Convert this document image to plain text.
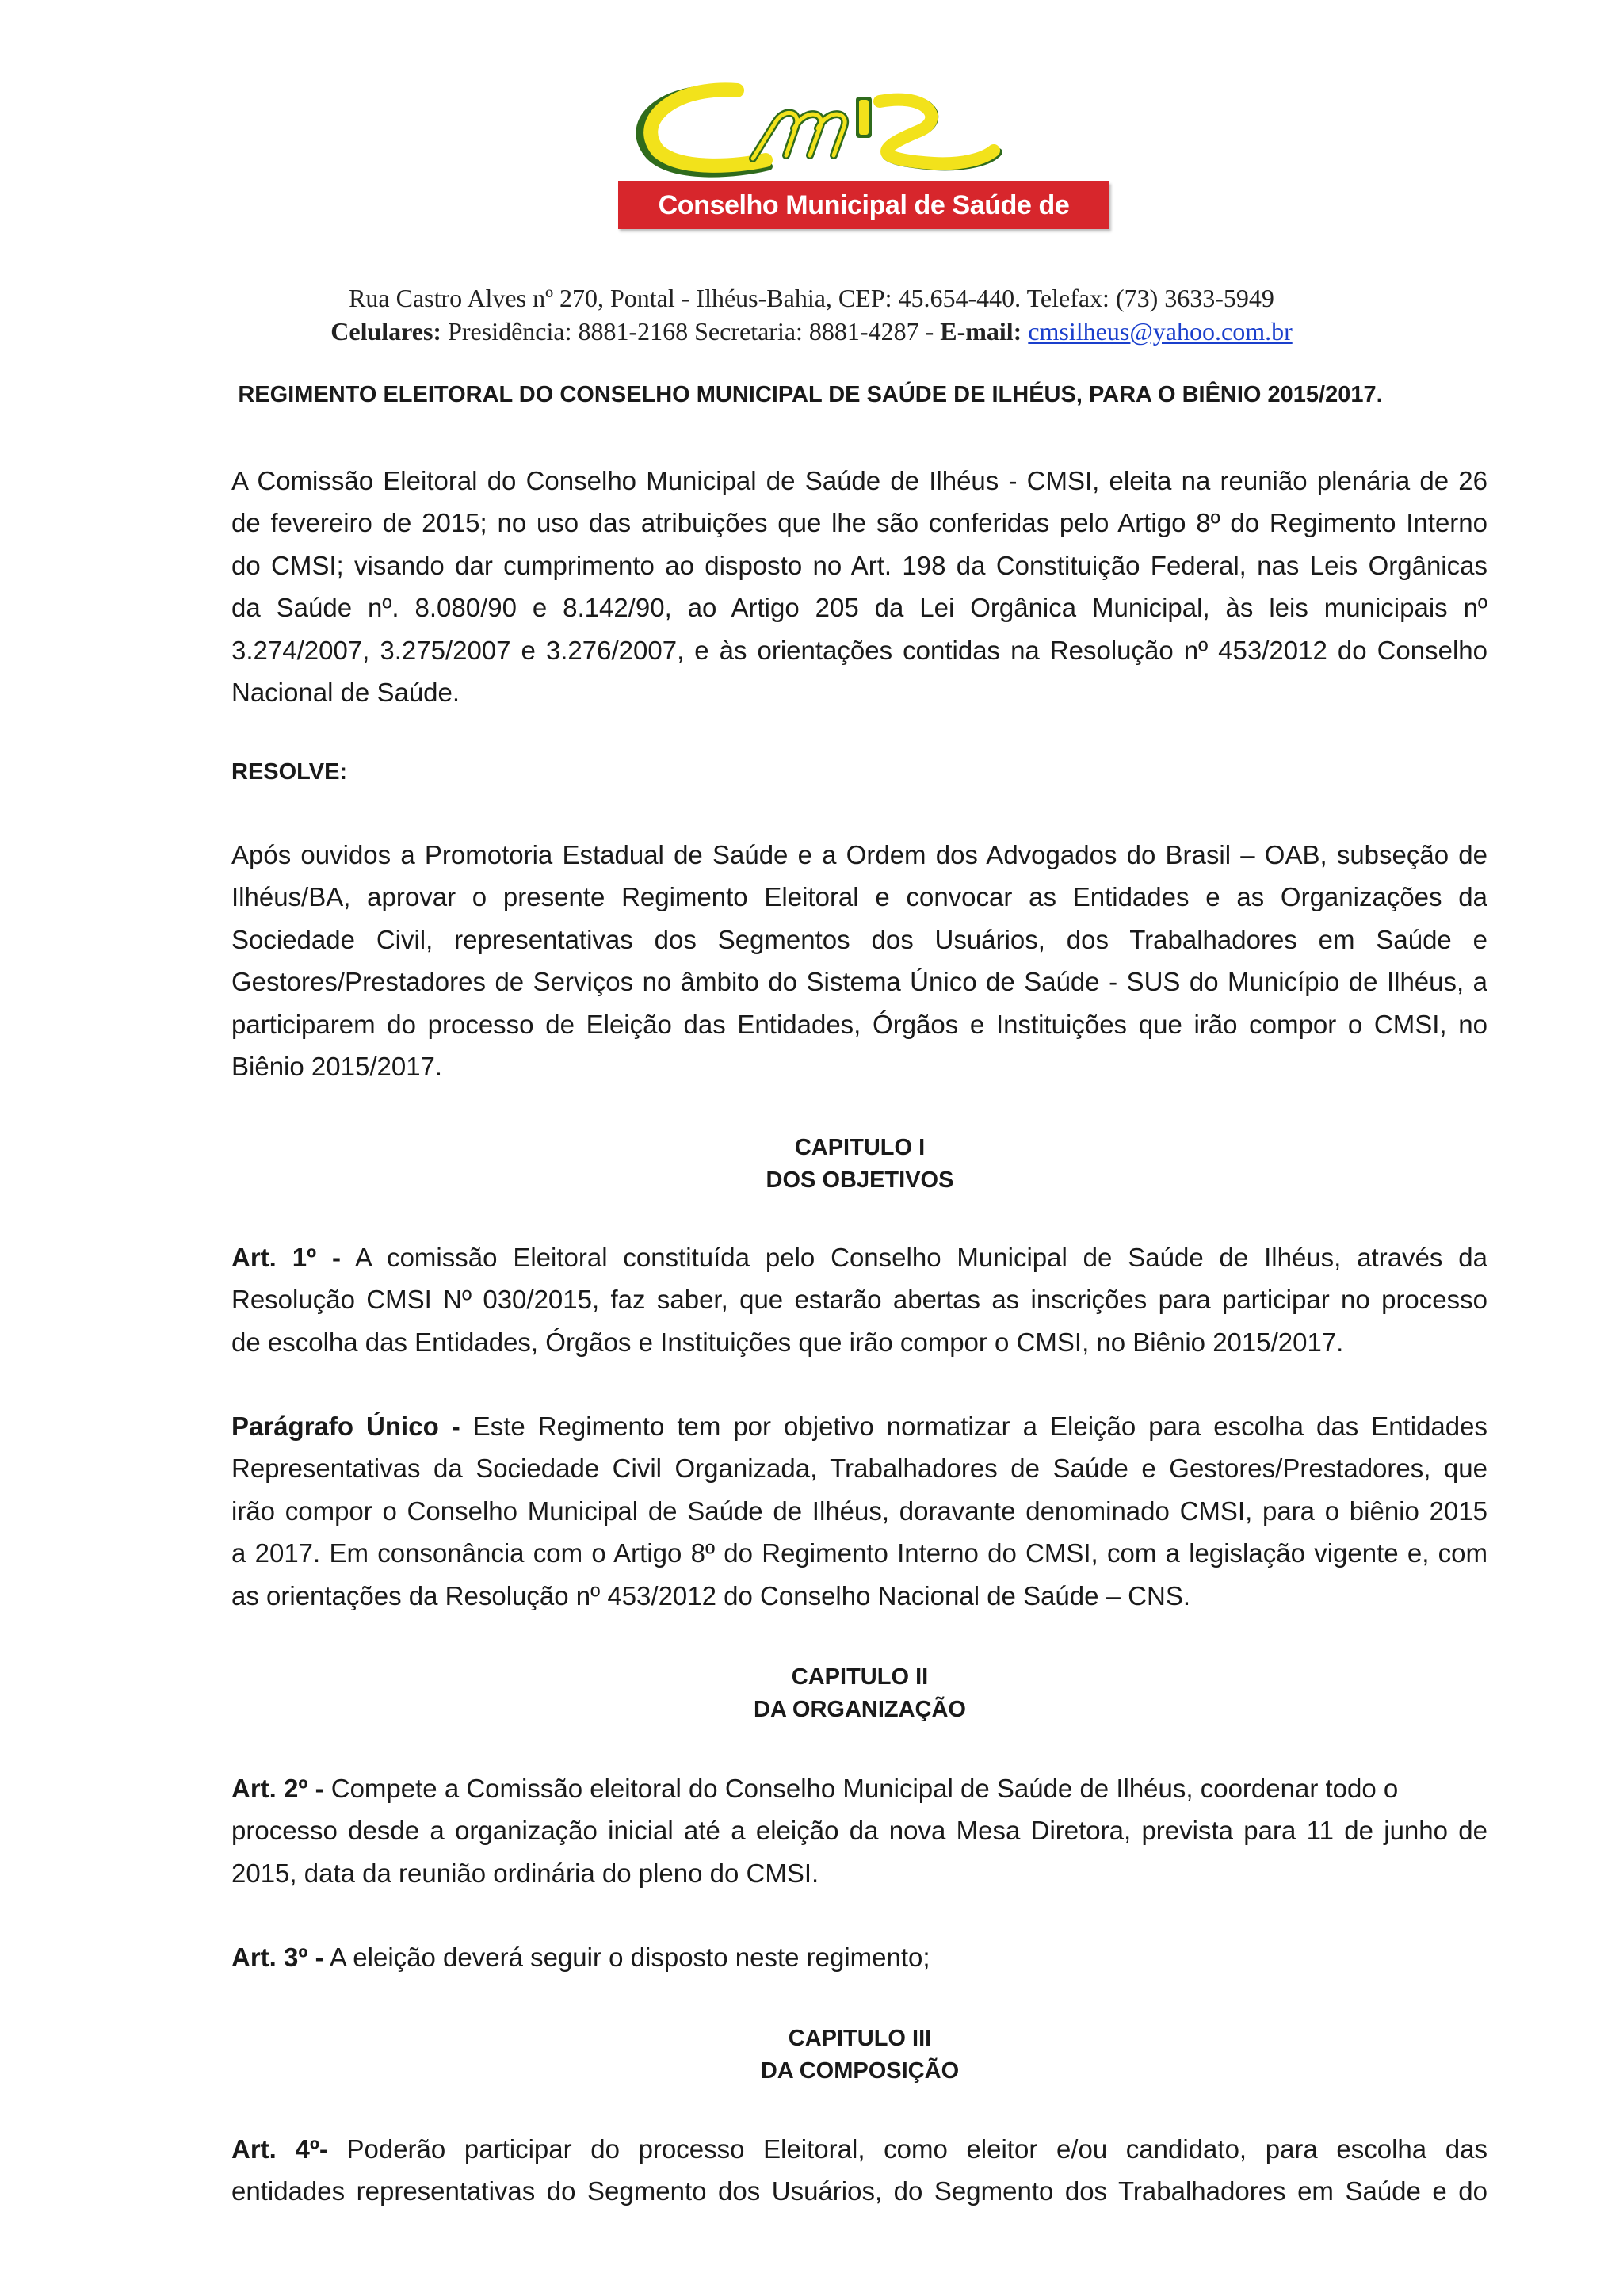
Conselho Municipal de Saúde de Ilhéus-Bahia
Rua Castro Alves nº 270, Pontal - Ilhéus-Bahia, CEP: 45.654-440. Telefax: (73) 3633-5949
Celulares: Presidência: 8881-2168 Secretaria: 8881-4287 - E-mail: cmsilheus@yahoo.com.br
REGIMENTO ELEITORAL DO CONSELHO MUNICIPAL DE SAÚDE DE ILHÉUS, PARA O BIÊNIO 2015/2017.
A Comissão Eleitoral do Conselho Municipal de Saúde de Ilhéus - CMSI, eleita na reunião plenária de 26
de fevereiro de 2015; no uso das atribuições que lhe são conferidas pelo Artigo 8º do Regimento Interno
do CMSI; visando dar cumprimento ao disposto no Art. 198 da Constituição Federal, nas Leis Orgânicas
da Saúde nº. 8.080/90 e 8.142/90, ao Artigo 205 da Lei Orgânica Municipal, às leis municipais nº
3.274/2007, 3.275/2007 e 3.276/2007, e às orientações contidas na Resolução nº 453/2012 do Conselho
Nacional de Saúde.
RESOLVE:
Após ouvidos a Promotoria Estadual de Saúde e a Ordem dos Advogados do Brasil – OAB, subseção de
Ilhéus/BA, aprovar o presente Regimento Eleitoral e convocar as Entidades e as Organizações da
Sociedade Civil, representativas dos Segmentos dos Usuários, dos Trabalhadores em Saúde e
Gestores/Prestadores de Serviços no âmbito do Sistema Único de Saúde - SUS do Município de Ilhéus, a
participarem do processo de Eleição das Entidades, Órgãos e Instituições que irão compor o CMSI, no
Biênio 2015/2017.
CAPITULO I
DOS OBJETIVOS
Art. 1º - A comissão Eleitoral constituída pelo Conselho Municipal de Saúde de Ilhéus, através da
Resolução CMSI Nº 030/2015, faz saber, que estarão abertas as inscrições para participar no processo
de escolha das Entidades, Órgãos e Instituições que irão compor o CMSI, no Biênio 2015/2017.
Parágrafo Único - Este Regimento tem por objetivo normatizar a Eleição para escolha das Entidades
Representativas da Sociedade Civil Organizada, Trabalhadores de Saúde e Gestores/Prestadores, que
irão compor o Conselho Municipal de Saúde de Ilhéus, doravante denominado CMSI, para o biênio 2015
a 2017. Em consonância com o Artigo 8º do Regimento Interno do CMSI, com a legislação vigente e, com
as orientações da Resolução nº 453/2012 do Conselho Nacional de Saúde – CNS.
CAPITULO II
DA ORGANIZAÇÃO
Art. 2º - Compete a Comissão eleitoral do Conselho Municipal de Saúde de Ilhéus, coordenar todo o
processo desde a organização inicial até a eleição da nova Mesa Diretora, prevista para 11 de junho de
2015, data da reunião ordinária do pleno do CMSI.
Art. 3º - A eleição deverá seguir o disposto neste regimento;
CAPITULO III
DA COMPOSIÇÃO
Art. 4º- Poderão participar do processo Eleitoral, como eleitor e/ou candidato, para escolha das
entidades representativas do Segmento dos Usuários, do Segmento dos Trabalhadores em Saúde e do
